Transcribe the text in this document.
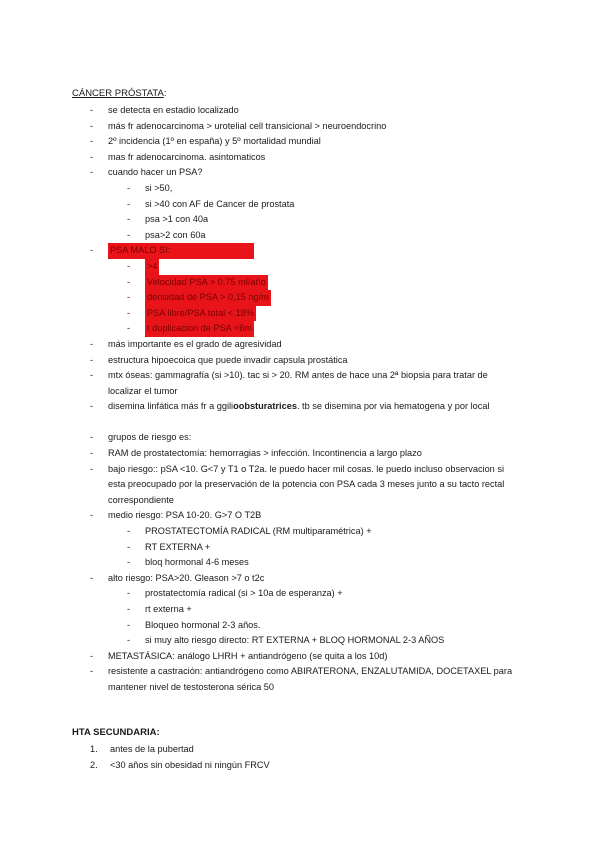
CÁNCER PRÓSTATA:
- se detecta en estadio localizado
- más fr adenocarcinoma > urotelial cell transicional > neuroendocrino
- 2º incidencia (1º en españa) y 5º mortalidad mundial
- mas fr adenocarcinoma. asintomaticos
- cuando hacer un PSA?
- si >50,
- si >40 con AF de Cancer de prostata
- psa >1 con 40a
- psa>2 con 60a
- PSA MALO SI:
- >4
- Velocidad PSA > 0.75 ml/año
- densidad de PSA > 0,15 ng/m
- PSA libre/PSA total < 18%
- t duplicacion de PSA <6m
- más importante es el grado de agresividad
- estructura hipoecoica que puede invadir capsula prostática
- mtx óseas: gammagrafía (si >10). tac si > 20. RM antes de hace una 2ª biopsia para tratar de localizar el tumor
- disemina linfática más fr a ggilioobsturatrices. tb se disemina por via hematogena y por local
- grupos de riesgo es:
- RAM de prostatectomía: hemorragias > infección. Incontinencia a largo plazo
- bajo riesgo:: pSA <10. G<7 y T1 o T2a. le puedo hacer mil cosas. le puedo incluso observacion si esta preocupado por la preservación de la potencia con PSA cada 3 meses junto a su tacto rectal correspondiente
- medio riesgo: PSA 10-20. G>7 O T2B
- PROSTATECTOMÍA RADICAL (RM multiparamétrica) +
- RT EXTERNA +
- bloq hormonal 4-6 meses
- alto riesgo: PSA>20. Gleason >7 o t2c
- prostatectomía radical (si > 10a de esperanza) +
- rt externa +
- Bloqueo hormonal 2-3 años.
- si muy alto riesgo directo: RT EXTERNA + BLOQ HORMONAL 2-3 AÑOS
- METASTÁSICA: análogo LHRH + antiandrógeno (se quita a los 10d)
- resistente a castración: antiandrógeno como ABIRATERONA, ENZALUTAMIDA, DOCETAXEL para mantener nivel de testosterona sérica 50
HTA SECUNDARIA:
1. antes de la pubertad
2. <30 años sin obesidad ni ningún FRCV
